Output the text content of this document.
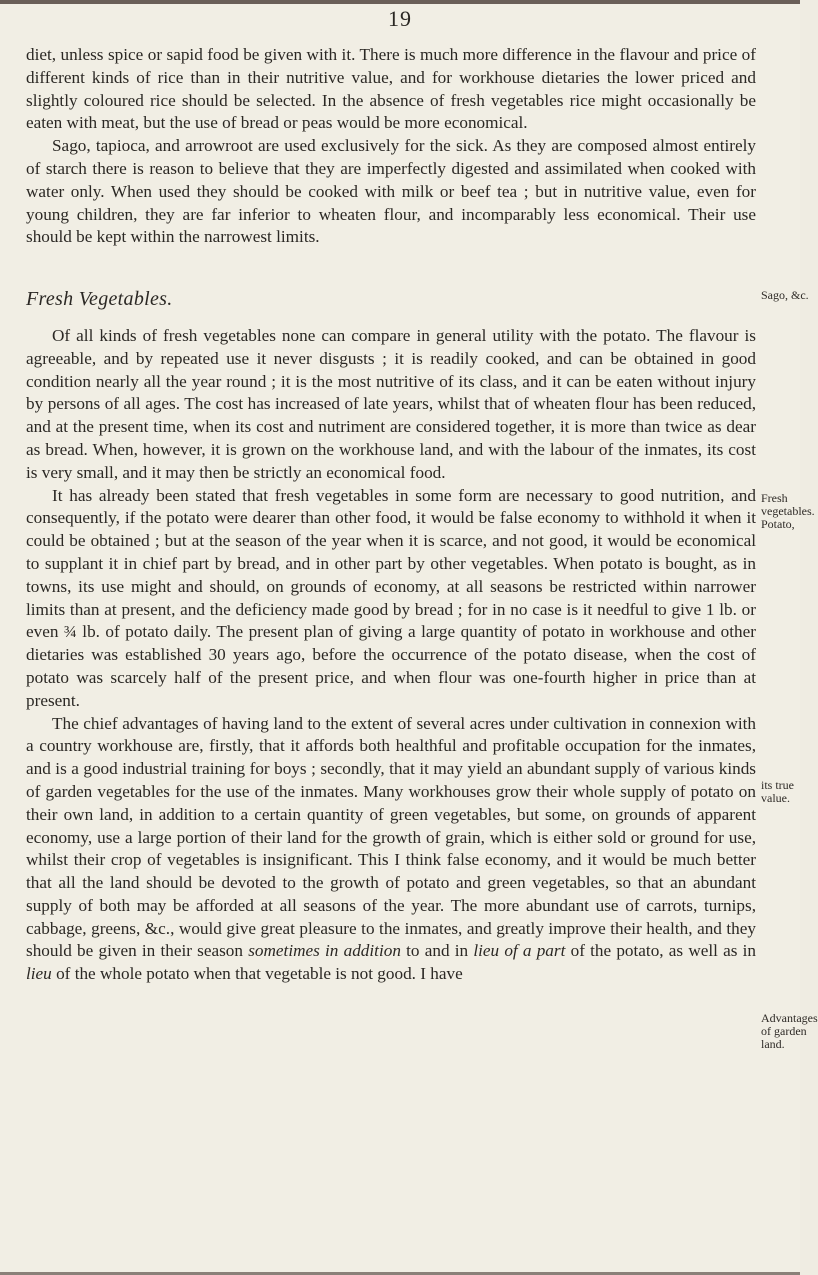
19

diet, unless spice or sapid food be given with it. There is much more difference in the flavour and price of different kinds of rice than in their nutritive value, and for workhouse dietaries the lower priced and slightly coloured rice should be selected. In the absence of fresh vegetables rice might occasionally be eaten with meat, but the use of bread or peas would be more economical.

Sago, tapioca, and arrowroot are used exclusively for the sick. As they are composed almost entirely of starch there is reason to believe that they are imperfectly digested and assimilated when cooked with water only. When used they should be cooked with milk or beef tea ; but in nutritive value, even for young children, they are far inferior to wheaten flour, and incomparably less economical. Their use should be kept within the narrowest limits.

Fresh Vegetables.

Of all kinds of fresh vegetables none can compare in general utility with the potato. The flavour is agreeable, and by repeated use it never disgusts ; it is readily cooked, and can be obtained in good condition nearly all the year round ; it is the most nutritive of its class, and it can be eaten without injury by persons of all ages. The cost has increased of late years, whilst that of wheaten flour has been reduced, and at the present time, when its cost and nutriment are considered together, it is more than twice as dear as bread. When, however, it is grown on the workhouse land, and with the labour of the inmates, its cost is very small, and it may then be strictly an economical food.

It has already been stated that fresh vegetables in some form are necessary to good nutrition, and consequently, if the potato were dearer than other food, it would be false economy to withhold it when it could be obtained ; but at the season of the year when it is scarce, and not good, it would be economical to supplant it in chief part by bread, and in other part by other vegetables. When potato is bought, as in towns, its use might and should, on grounds of economy, at all seasons be restricted within narrower limits than at present, and the deficiency made good by bread ; for in no case is it needful to give 1 lb. or even ¾ lb. of potato daily. The present plan of giving a large quantity of potato in workhouse and other dietaries was established 30 years ago, before the occurrence of the potato disease, when the cost of potato was scarcely half of the present price, and when flour was one-fourth higher in price than at present.

The chief advantages of having land to the extent of several acres under cultivation in connexion with a country workhouse are, firstly, that it affords both healthful and profitable occupation for the inmates, and is a good industrial training for boys ; secondly, that it may yield an abundant supply of various kinds of garden vegetables for the use of the inmates. Many workhouses grow their whole supply of potato on their own land, in addition to a certain quantity of green vegetables, but some, on grounds of apparent economy, use a large portion of their land for the growth of grain, which is either sold or ground for use, whilst their crop of vegetables is insignificant. This I think false economy, and it would be much better that all the land should be devoted to the growth of potato and green vegetables, so that an abundant supply of both may be afforded at all seasons of the year. The more abundant use of carrots, turnips, cabbage, greens, &c., would give great pleasure to the inmates, and greatly improve their health, and they should be given in their season sometimes in addition to and in lieu of a part of the potato, as well as in lieu of the whole potato when that vegetable is not good. I have

Sago, &c.
Fresh
vegetables.
Potato,
its true
value.
Advantages
of garden
land.
